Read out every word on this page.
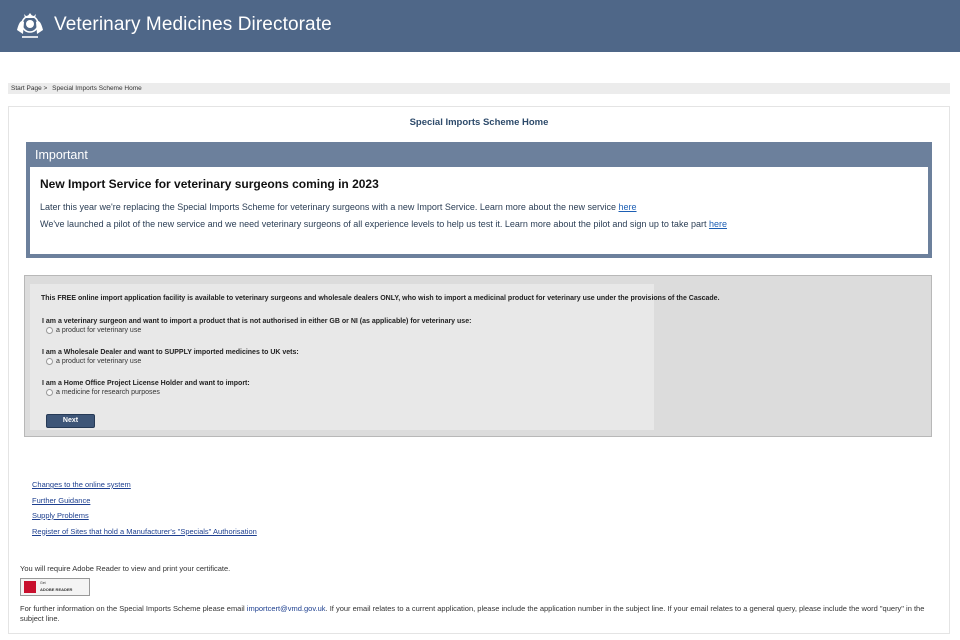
Veterinary Medicines Directorate
Start Page > Special Imports Scheme Home
Special Imports Scheme Home
Important
New Import Service for veterinary surgeons coming in 2023
Later this year we're replacing the Special Imports Scheme for veterinary surgeons with a new Import Service. Learn more about the new service here
We've launched a pilot of the new service and we need veterinary surgeons of all experience levels to help us test it. Learn more about the pilot and sign up to take part here
This FREE online import application facility is available to veterinary surgeons and wholesale dealers ONLY, who wish to import a medicinal product for veterinary use under the provisions of the Cascade.
I am a veterinary surgeon and want to import a product that is not authorised in either GB or NI (as applicable) for veterinary use:
a product for veterinary use
I am a Wholesale Dealer and want to SUPPLY imported medicines to UK vets:
a product for veterinary use
I am a Home Office Project License Holder and want to import:
a medicine for research purposes
Next
Changes to the online system
Further Guidance
Supply Problems
Register of Sites that hold a Manufacturer's "Specials" Authorisation
You will require Adobe Reader to view and print your certificate.
Get
ADOBE READER
For further information on the Special Imports Scheme please email importcert@vmd.gov.uk. If your email relates to a current application, please include the application number in the subject line. If your email relates to a general query, please include the word "query" in the subject line.
